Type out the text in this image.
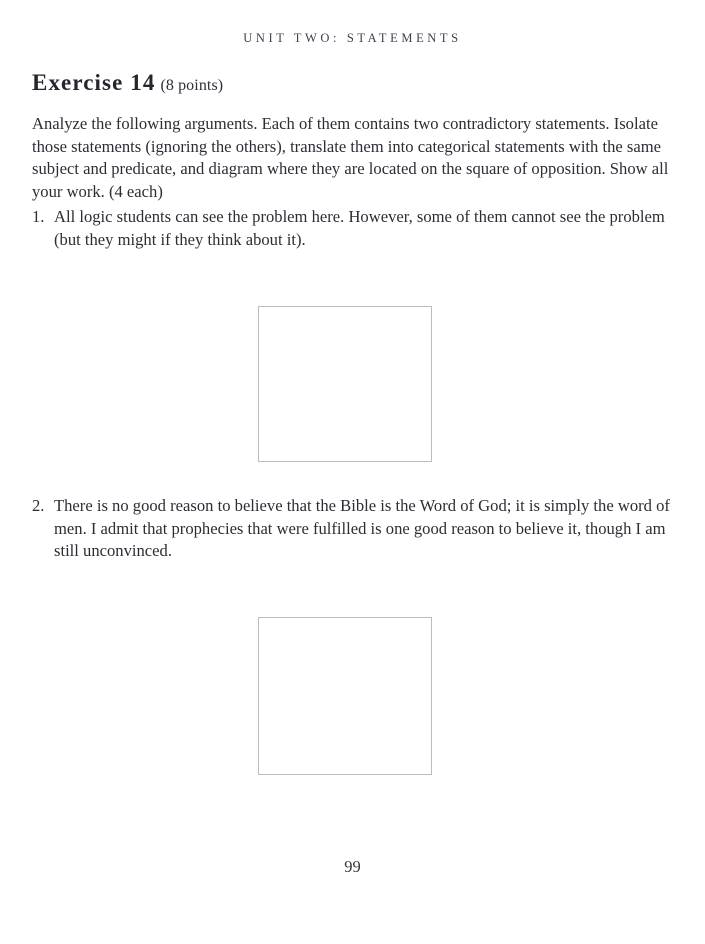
UNIT TWO: STATEMENTS
Exercise 14 (8 points)
Analyze the following arguments. Each of them contains two contradictory statements. Isolate those statements (ignoring the others), translate them into categorical statements with the same subject and predicate, and diagram where they are located on the square of opposition. Show all your work. (4 each)
1. All logic students can see the problem here. However, some of them cannot see the problem (but they might if they think about it).
2. There is no good reason to believe that the Bible is the Word of God; it is simply the word of men. I admit that prophecies that were fulfilled is one good reason to believe it, though I am still unconvinced.
99
